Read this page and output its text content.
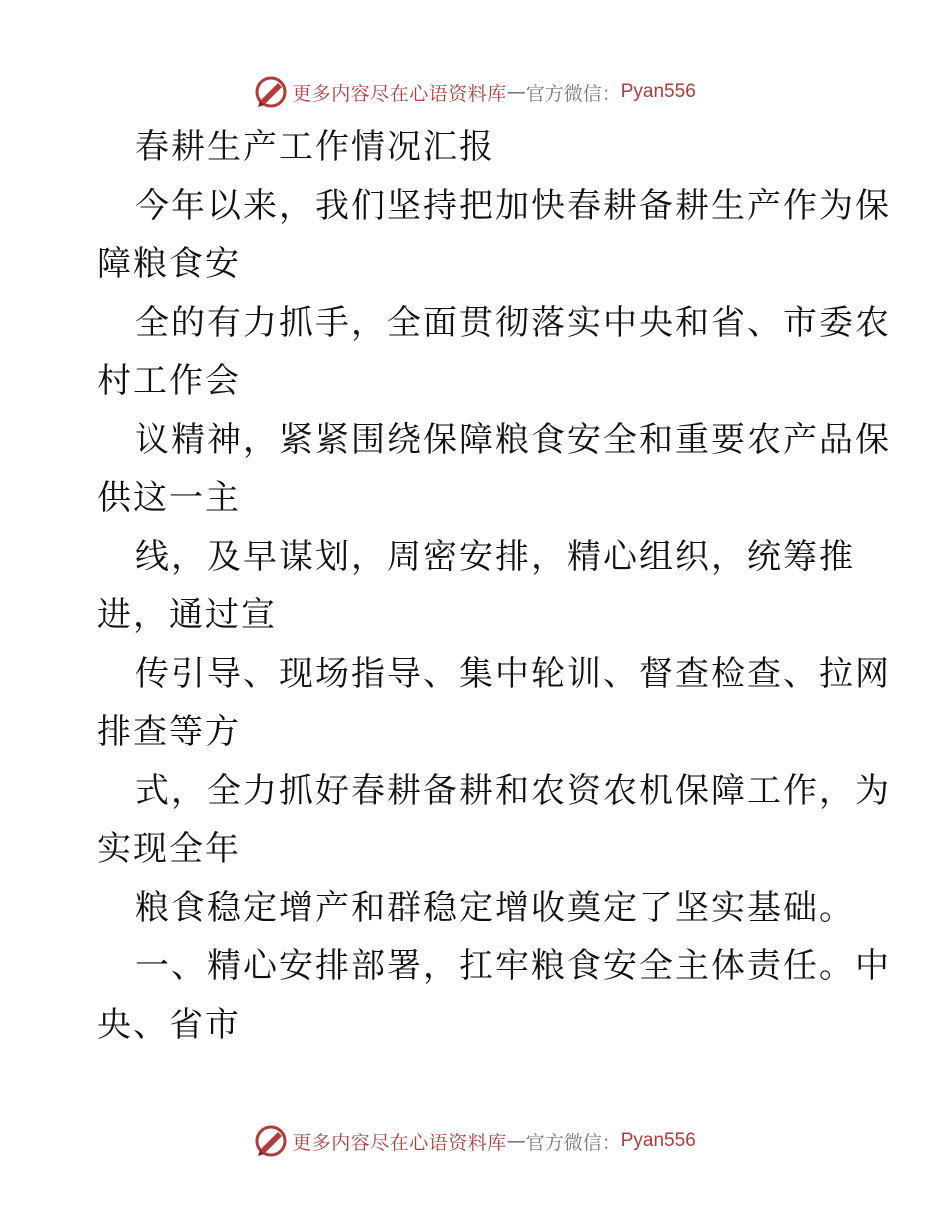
更多内容尽在心语资料库 — 官方微信： Pyan556
春耕生产工作情况汇报
今年以来，我们坚持把加快春耕备耕生产作为保
障粮食安
全的有力抓手，全面贯彻落实中央和省、市委农
村工作会
议精神，紧紧围绕保障粮食安全和重要农产品保
供这一主
线，及早谋划，周密安排，精心组织，统筹推
进，通过宣
传引导、现场指导、集中轮训、督查检查、拉网
排查等方
式，全力抓好春耕备耕和农资农机保障工作，为
实现全年
粮食稳定增产和群稳定增收奠定了坚实基础。
一、精心安排部署，扛牢粮食安全主体责任。中
央、省市
更多内容尽在心语资料库 — 官方微信： Pyan556
